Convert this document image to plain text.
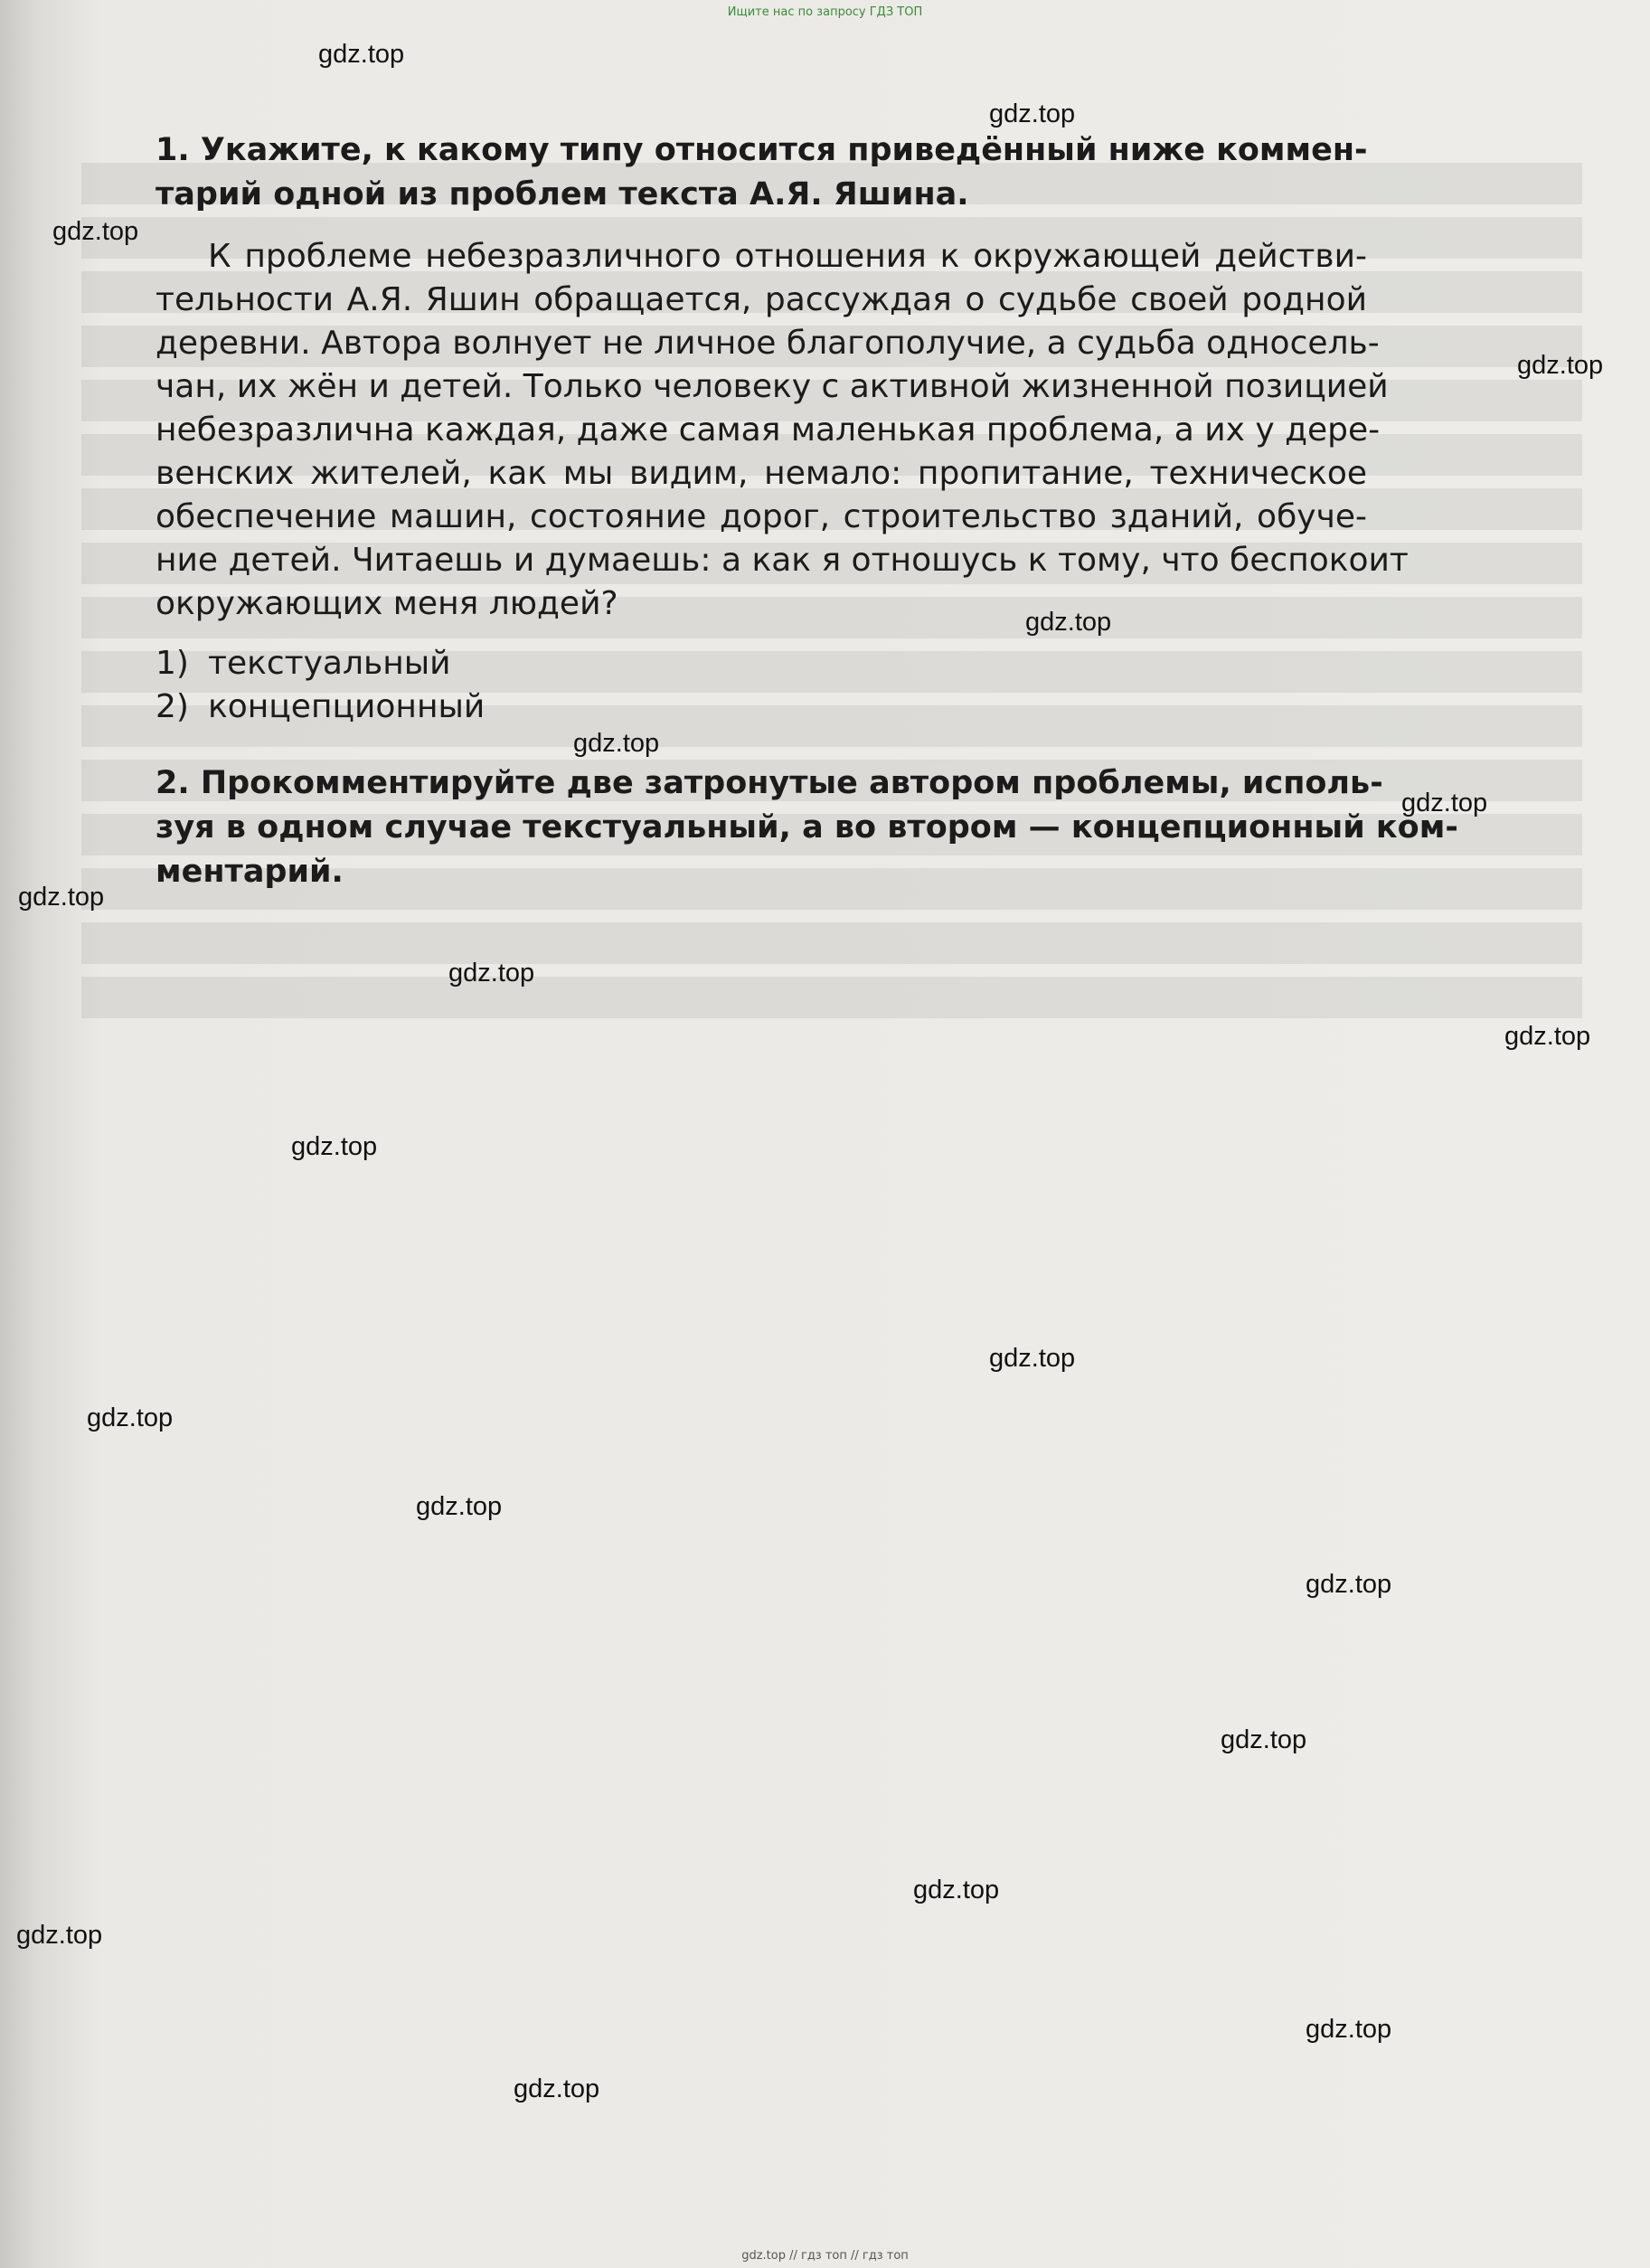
Ищите нас по запросу ГДЗ ТОП
gdz.top
gdz.top
gdz.top
gdz.top
gdz.top
gdz.top
gdz.top
gdz.top
gdz.top
gdz.top
gdz.top
gdz.top
gdz.top
gdz.top
gdz.top
gdz.top
gdz.top
gdz.top
gdz.top
gdz.top
1. Укажите, к какому типу относится приведённый ниже коммен-
тарий одной из проблем текста А.Я. Яшина.
К проблеме небезразличного отношения к окружающей действи-
тельности А.Я. Яшин обращается, рассуждая о судьбе своей родной
деревни. Автора волнует не личное благополучие, а судьба односель-
чан, их жён и детей. Только человеку с активной жизненной позицией
небезразлична каждая, даже самая маленькая проблема, а их у дере-
венских жителей, как мы видим, немало: пропитание, техническое
обеспечение машин, состояние дорог, строительство зданий, обуче-
ние детей. Читаешь и думаешь: а как я отношусь к тому, что беспокоит
окружающих меня людей?
1) текстуальный
2) концепционный
2. Прокомментируйте две затронутые автором проблемы, исполь-
зуя в одном случае текстуальный, а во втором — концепционный ком-
ментарий.
gdz.top // гдз топ // гдз топ
